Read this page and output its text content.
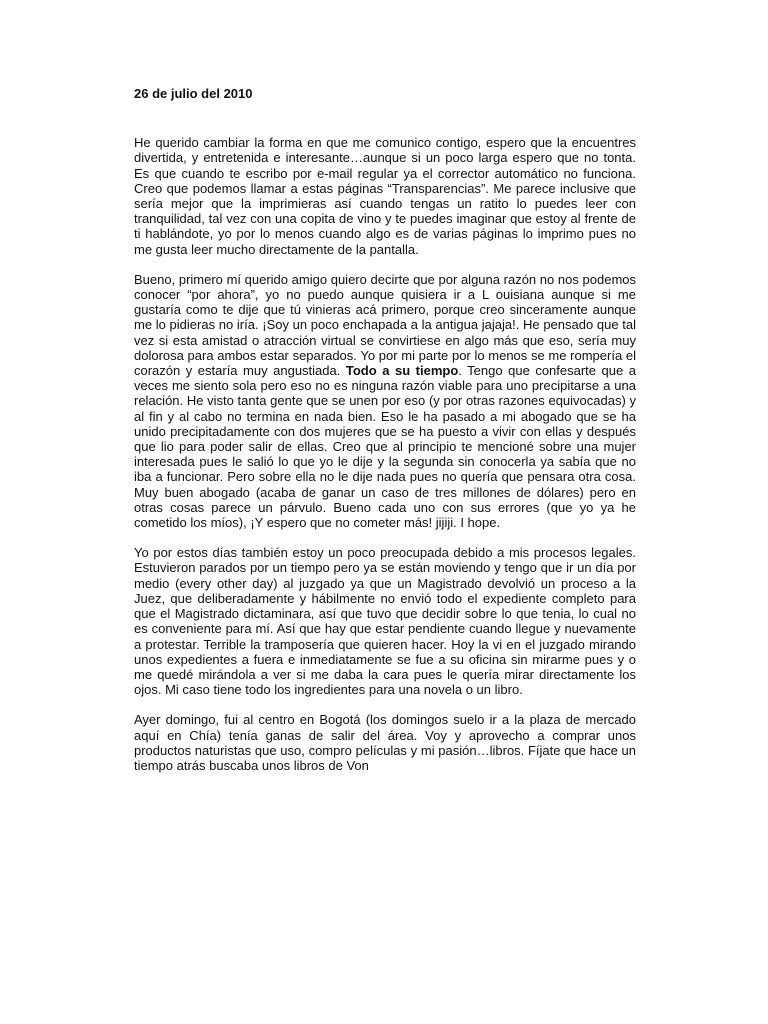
26 de julio del 2010

He querido cambiar la forma en que me comunico contigo, espero que la encuentres divertida, y entretenida e interesante…aunque si un poco larga espero que no tonta. Es que cuando te escribo por e-mail regular ya el corrector automático no funciona. Creo que podemos llamar a estas páginas “Transparencias”. Me parece inclusive que sería mejor que la imprimieras así cuando tengas un ratito lo puedes leer con tranquilidad, tal vez con una copita de vino y te puedes imaginar que estoy al frente de ti hablándote, yo por lo menos cuando algo es de varias páginas lo imprimo pues no me gusta leer mucho directamente de la pantalla.

Bueno, primero mí querido amigo quiero decirte que por alguna razón no nos podemos conocer “por ahora”, yo no puedo aunque quisiera ir a L ouisiana aunque si me gustaría como te dije que tú vinieras acá primero, porque creo sinceramente aunque me lo pidieras no iría. ¡Soy un poco enchapada a la antigua jajaja!. He pensado que tal vez si esta amistad o atracción virtual se convirtiese en algo más que eso, sería muy dolorosa para ambos estar separados. Yo por mi parte por lo menos se me rompería el corazón y estaría muy angustiada. Todo a su tiempo. Tengo que confesarte que a veces me siento sola pero eso no es ninguna razón viable para uno precipitarse a una relación. He visto tanta gente que se unen por eso (y por otras razones equivocadas) y al fin y al cabo no termina en nada bien. Eso le ha pasado a mi abogado que se ha unido precipitadamente con dos mujeres que se ha puesto a vivir con ellas y después que lio para poder salir de ellas. Creo que al principio te mencioné sobre una mujer interesada pues le salió lo que yo le dije y la segunda sin conocerla ya sabía que no iba a funcionar. Pero sobre ella no le dije nada pues no quería que pensara otra cosa. Muy buen abogado (acaba de ganar un caso de tres millones de dólares) pero en otras cosas parece un párvulo. Bueno cada uno con sus errores (que yo ya he cometido los míos), ¡Y espero que no cometer más! jijiji. I hope.

Yo por estos días también estoy un poco preocupada debido a mis procesos legales. Estuvieron parados por un tiempo pero ya se están moviendo y tengo que ir un día por medio (every other day) al juzgado ya que un Magistrado devolvió un proceso a la Juez, que deliberadamente y hábilmente no envió todo el expediente completo para que el Magistrado dictaminara, así que tuvo que decidir sobre lo que tenia, lo cual no es conveniente para mí. Así que hay que estar pendiente cuando llegue y nuevamente a protestar. Terrible la tramposería que quieren hacer. Hoy la vi en el juzgado mirando unos expedientes a fuera e inmediatamente se fue a su oficina sin mirarme pues y o me quedé mirándola a ver si me daba la cara pues le quería mirar directamente los ojos. Mi caso tiene todo los ingredientes para una novela o un libro.

Ayer domingo, fui al centro en Bogotá (los domingos suelo ir a la plaza de mercado aquí en Chía) tenía ganas de salir del área. Voy y aprovecho a comprar unos productos naturistas que uso, compro películas y mi pasión…libros. Fíjate que hace un tiempo atrás buscaba unos libros de Von
